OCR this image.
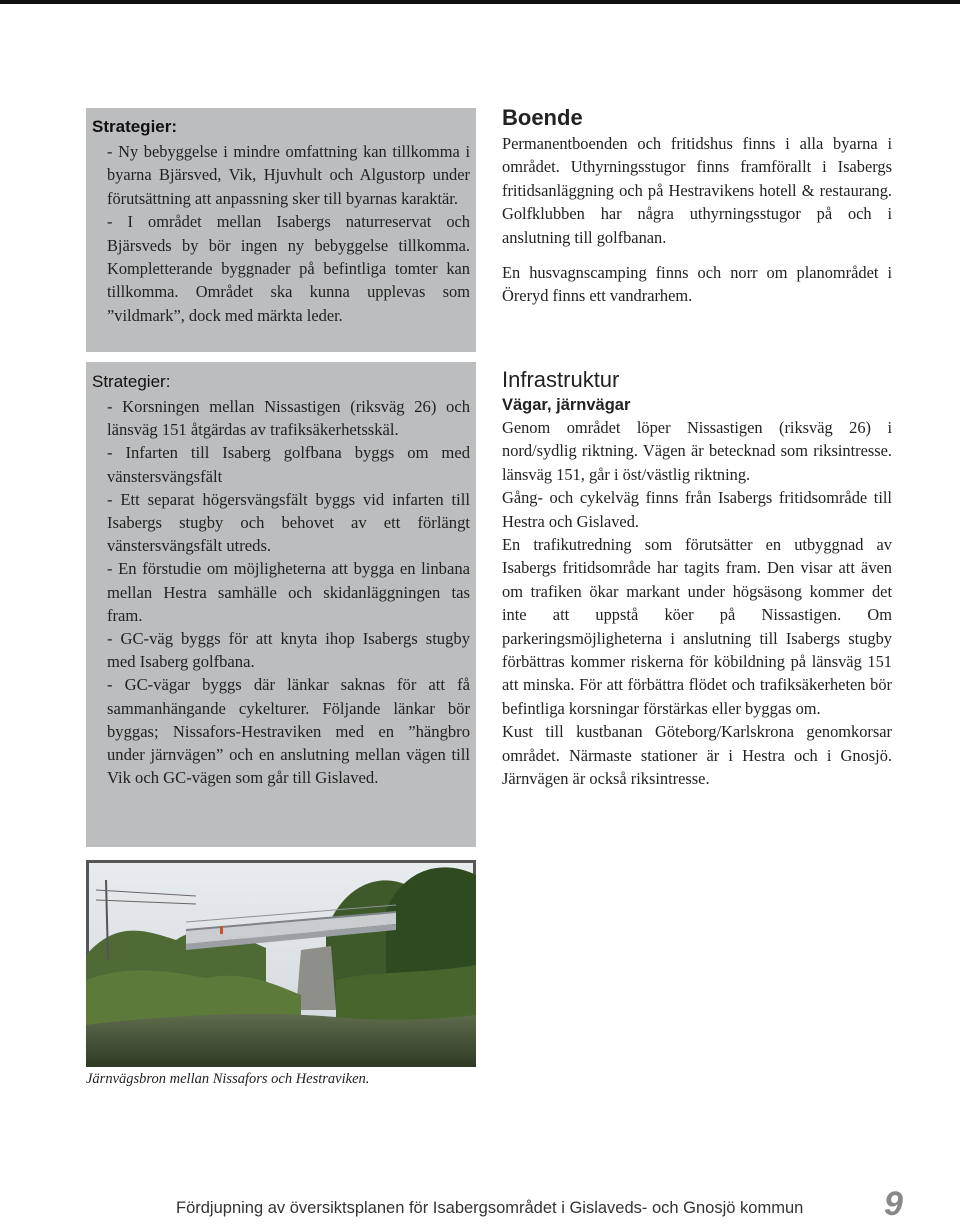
Strategier:
- Ny bebyggelse i mindre omfattning kan tillkomma i byarna Bjärsved, Vik, Hjuvhult och Algustorp under förutsättning att anpassning sker till byarnas karaktär.
- I området mellan Isabergs naturreservat och Bjärsveds by bör ingen ny bebyggelse tillkomma. Kompletterande byggnader på befintliga tomter kan tillkomma. Området ska kunna upplevas som ”vildmark”, dock med märkta leder.
Strategier:
- Korsningen mellan Nissastigen (riksväg 26) och länsväg 151 åtgärdas av trafiksäkerhetsskäl.
- Infarten till Isaberg golfbana byggs om med vänstersvängsfält
- Ett separat högersvängsfält byggs vid infarten till Isabergs stugby och behovet av ett förlängt vänstersvängsfält utreds.
- En förstudie om möjligheterna att bygga en linbana mellan Hestra samhälle och skidanläggningen tas fram.
- GC-väg byggs för att knyta ihop Isabergs stugby med Isaberg golfbana.
- GC-vägar byggs där länkar saknas för att få sammanhängande cykelturer. Följande länkar bör byggas; Nissafors-Hestraviken med en ”hängbro under järnvägen” och en anslutning mellan vägen till Vik och GC-vägen som går till Gislaved.
Boende

Permanentboenden och fritidshus finns i alla byarna i området. Uthyrningsstugor finns framförallt i Isabergs fritidsanläggning och på Hestravikens hotell & restaurang. Golfklubben har några uthyrningsstugor på och i anslutning till golfbanan.

En husvagnscamping finns och norr om planområdet i Öreryd finns ett vandrarhem.

Infrastruktur
Vägar, järnvägar

Genom området löper Nissastigen (riksväg 26) i nord/sydlig riktning. Vägen är betecknad som riksintresse. länsväg 151, går i öst/västlig riktning.

Gång- och cykelväg finns från Isabergs fritidsområde till Hestra och Gislaved.

En trafikutredning som förutsätter en utbyggnad av Isabergs fritidsområde har tagits fram. Den visar att även om trafiken ökar markant under högsäsong kommer det inte att uppstå köer på Nissastigen. Om parkeringsmöjligheterna i anslutning till Isabergs stugby förbättras kommer riskerna för köbildning på länsväg 151 att minska. För att förbättra flödet och trafiksäkerheten bör befintliga korsningar förstärkas eller byggas om.

Kust till kustbanan Göteborg/Karlskrona genomkorsar området. Närmaste stationer är i Hestra och i Gnosjö. Järnvägen är också riksintresse.

Järnvägsbron mellan Nissafors och Hestraviken.
Fördjupning av översiktsplanen för Isabergsområdet i Gislaveds- och Gnosjö kommun 9
